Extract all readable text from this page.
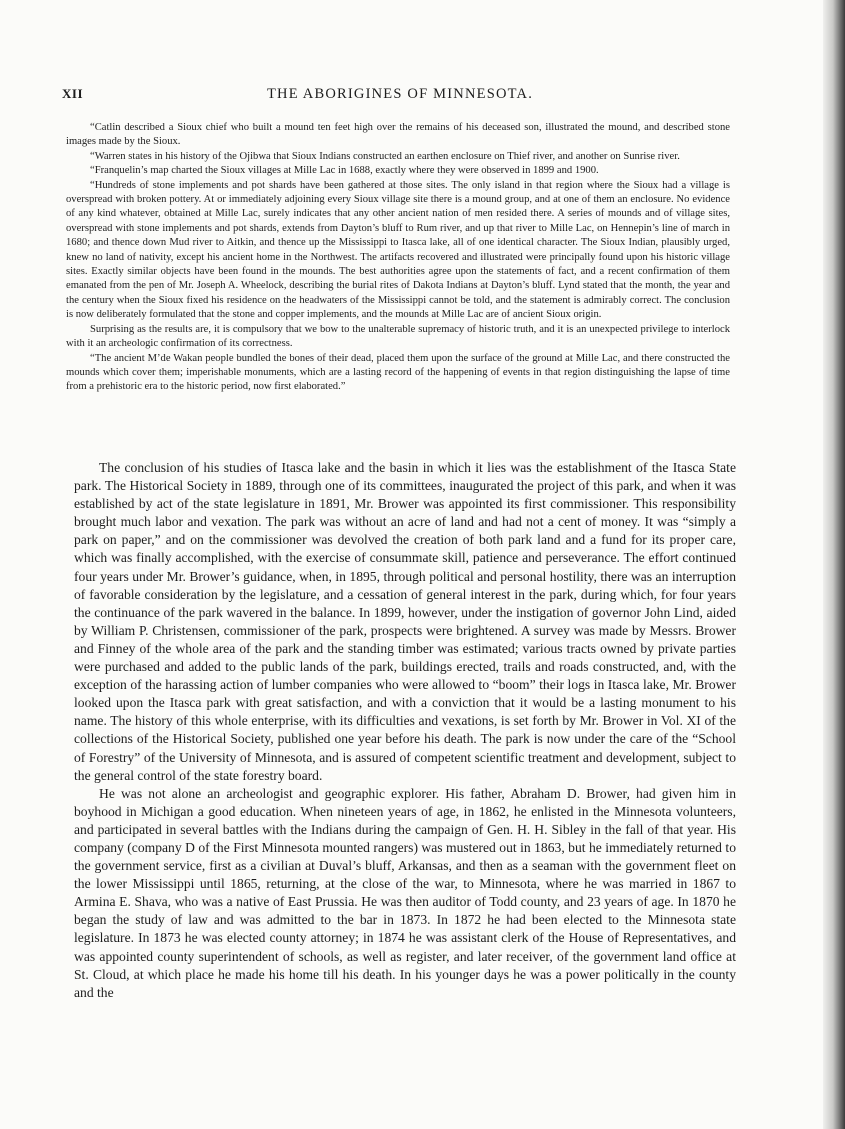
XII	THE ABORIGINES OF MINNESOTA.

“Catlin described a Sioux chief who built a mound ten feet high over the remains of his deceased son, illustrated the mound, and described stone images made by the Sioux.

“Warren states in his history of the Ojibwa that Sioux Indians constructed an earthen enclosure on Thief river, and another on Sunrise river.

“Franquelin’s map charted the Sioux villages at Mille Lac in 1688, exactly where they were observed in 1899 and 1900.

“Hundreds of stone implements and pot shards have been gathered at those sites. The only island in that region where the Sioux had a village is overspread with broken pottery. At or immediately adjoining every Sioux village site there is a mound group, and at one of them an enclosure. No evidence of any kind whatever, obtained at Mille Lac, surely indicates that any other ancient nation of men resided there. A series of mounds and of village sites, overspread with stone implements and pot shards, extends from Dayton’s bluff to Rum river, and up that river to Mille Lac, on Hennepin’s line of march in 1680; and thence down Mud river to Aitkin, and thence up the Mississippi to Itasca lake, all of one identical character. The Sioux Indian, plausibly urged, knew no land of nativity, except his ancient home in the Northwest. The artifacts recovered and illustrated were principally found upon his historic village sites. Exactly similar objects have been found in the mounds. The best authorities agree upon the statements of fact, and a recent confirmation of them emanated from the pen of Mr. Joseph A. Wheelock, describing the burial rites of Dakota Indians at Dayton’s bluff. Lynd stated that the month, the year and the century when the Sioux fixed his residence on the headwaters of the Mississippi cannot be told, and the statement is admirably correct. The conclusion is now deliberately formulated that the stone and copper implements, and the mounds at Mille Lac are of ancient Sioux origin.

Surprising as the results are, it is compulsory that we bow to the unalterable supremacy of historic truth, and it is an unexpected privilege to interlock with it an archeologic confirmation of its correctness.

“The ancient M’de Wakan people bundled the bones of their dead, placed them upon the surface of the ground at Mille Lac, and there constructed the mounds which cover them; imperishable monuments, which are a lasting record of the happening of events in that region distinguishing the lapse of time from a prehistoric era to the historic period, now first elaborated.”

The conclusion of his studies of Itasca lake and the basin in which it lies was the establishment of the Itasca State park. The Historical Society in 1889, through one of its committees, inaugurated the project of this park, and when it was established by act of the state legislature in 1891, Mr. Brower was appointed its first commissioner. This responsibility brought much labor and vexation. The park was without an acre of land and had not a cent of money. It was “simply a park on paper,” and on the commissioner was devolved the creation of both park land and a fund for its proper care, which was finally accomplished, with the exercise of consummate skill, patience and perseverance. The effort continued four years under Mr. Brower’s guidance, when, in 1895, through political and personal hostility, there was an interruption of favorable consideration by the legislature, and a cessation of general interest in the park, during which, for four years the continuance of the park wavered in the balance. In 1899, however, under the instigation of governor John Lind, aided by William P. Christensen, commissioner of the park, prospects were brightened. A survey was made by Messrs. Brower and Finney of the whole area of the park and the standing timber was estimated; various tracts owned by private parties were purchased and added to the public lands of the park, buildings erected, trails and roads constructed, and, with the exception of the harassing action of lumber companies who were allowed to “boom” their logs in Itasca lake, Mr. Brower looked upon the Itasca park with great satisfaction, and with a conviction that it would be a lasting monument to his name. The history of this whole enterprise, with its difficulties and vexations, is set forth by Mr. Brower in Vol. XI of the collections of the Historical Society, published one year before his death. The park is now under the care of the “School of Forestry” of the University of Minnesota, and is assured of competent scientific treatment and development, subject to the general control of the state forestry board.

He was not alone an archeologist and geographic explorer. His father, Abraham D. Brower, had given him in boyhood in Michigan a good education. When nineteen years of age, in 1862, he enlisted in the Minnesota volunteers, and participated in several battles with the Indians during the campaign of Gen. H. H. Sibley in the fall of that year. His company (company D of the First Minnesota mounted rangers) was mustered out in 1863, but he immediately returned to the government service, first as a civilian at Duval’s bluff, Arkansas, and then as a seaman with the government fleet on the lower Mississippi until 1865, returning, at the close of the war, to Minnesota, where he was married in 1867 to Armina E. Shava, who was a native of East Prussia. He was then auditor of Todd county, and 23 years of age. In 1870 he began the study of law and was admitted to the bar in 1873. In 1872 he had been elected to the Minnesota state legislature. In 1873 he was elected county attorney; in 1874 he was assistant clerk of the House of Representatives, and was appointed county superintendent of schools, as well as register, and later receiver, of the government land office at St. Cloud, at which place he made his home till his death. In his younger days he was a power politically in the county and the
